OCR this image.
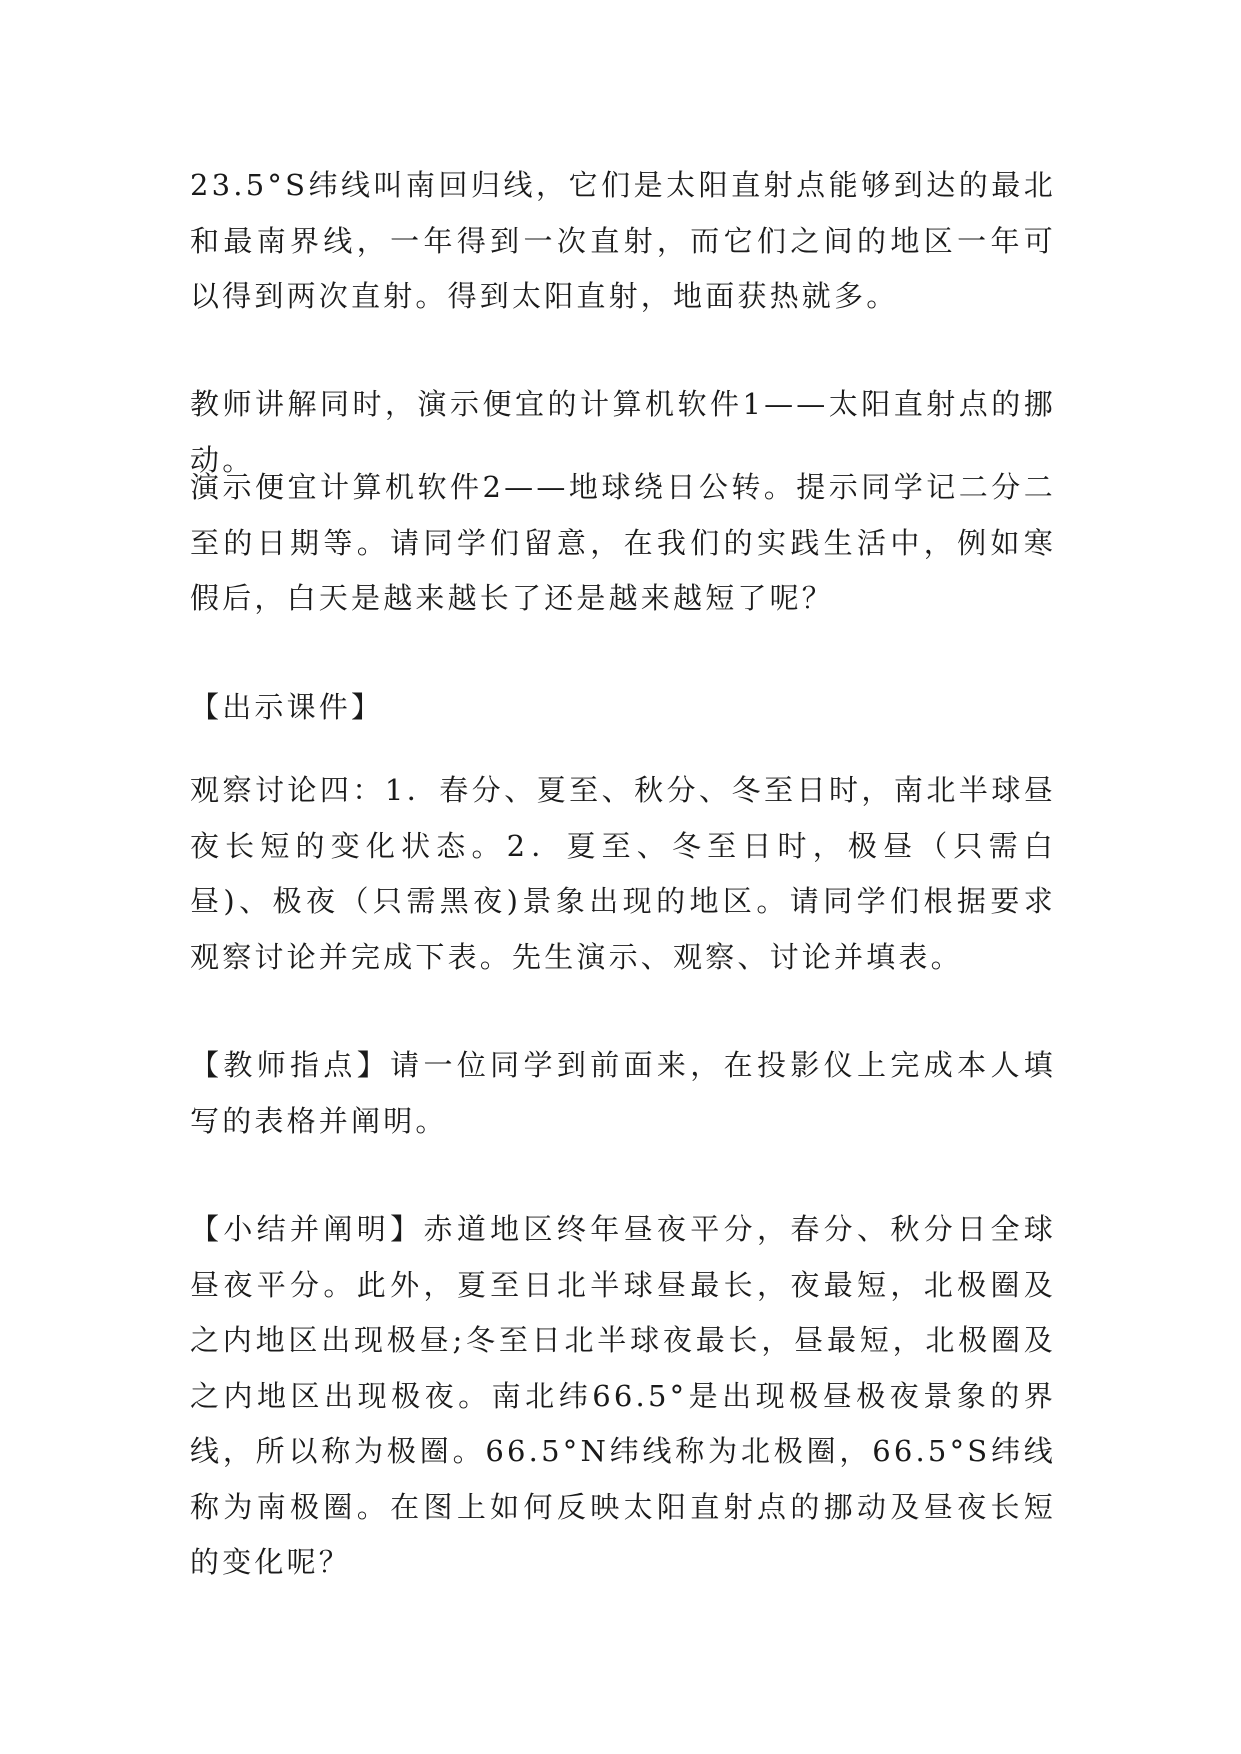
23.5°S纬线叫南回归线，它们是太阳直射点能够到达的最北和最南界线，一年得到一次直射，而它们之间的地区一年可以得到两次直射。得到太阳直射，地面获热就多。

教师讲解同时，演示便宜的计算机软件1——太阳直射点的挪动。

演示便宜计算机软件2——地球绕日公转。提示同学记二分二至的日期等。请同学们留意，在我们的实践生活中，例如寒假后，白天是越来越长了还是越来越短了呢？

【出示课件】

观察讨论四：1．春分、夏至、秋分、冬至日时，南北半球昼夜长短的变化状态。2．夏至、冬至日时，极昼（只需白昼)、极夜（只需黑夜)景象出现的地区。请同学们根据要求观察讨论并完成下表。先生演示、观察、讨论并填表。

【教师指点】请一位同学到前面来，在投影仪上完成本人填写的表格并阐明。

【小结并阐明】赤道地区终年昼夜平分，春分、秋分日全球昼夜平分。此外，夏至日北半球昼最长，夜最短，北极圈及之内地区出现极昼;冬至日北半球夜最长，昼最短，北极圈及之内地区出现极夜。南北纬66.5°是出现极昼极夜景象的界线，所以称为极圈。66.5°N纬线称为北极圈，66.5°S纬线称为南极圈。在图上如何反映太阳直射点的挪动及昼夜长短的变化呢？
